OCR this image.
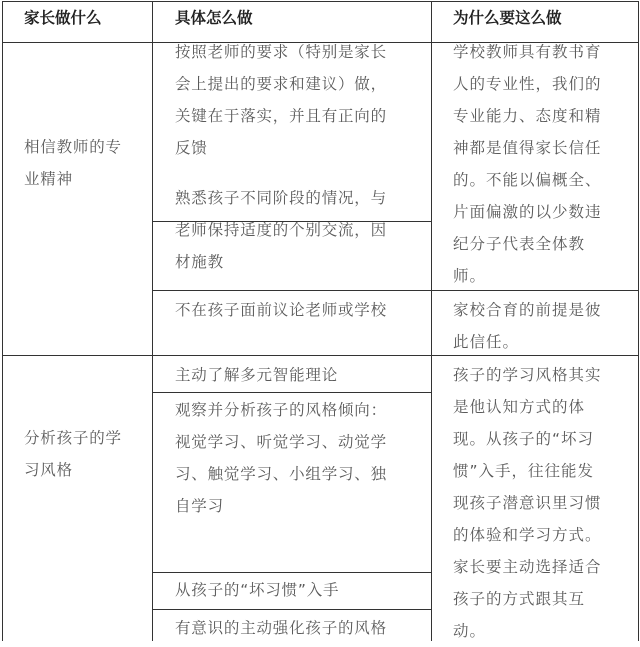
家长做什么	具体怎么做	为什么要这么做
相信教师的专
业精神
按照老师的要求（特别是家长
会上提出的要求和建议）做，
关键在于落实，并且有正向的
反馈
熟悉孩子不同阶段的情况，与
老师保持适度的个别交流，因
材施教
不在孩子面前议论老师或学校
学校教师具有教书育
人的专业性，我们的
专业能力、态度和精
神都是值得家长信任
的。不能以偏概全、
片面偏激的以少数违
纪分子代表全体教
师。
家校合育的前提是彼
此信任。
分析孩子的学
习风格
主动了解多元智能理论
观察并分析孩子的风格倾向：
视觉学习、听觉学习、动觉学
习、触觉学习、小组学习、独
自学习
从孩子的“坏习惯”入手
有意识的主动强化孩子的风格
孩子的学习风格其实
是他认知方式的体
现。从孩子的“坏习
惯”入手，往往能发
现孩子潜意识里习惯
的体验和学习方式。
家长要主动选择适合
孩子的方式跟其互
动。
